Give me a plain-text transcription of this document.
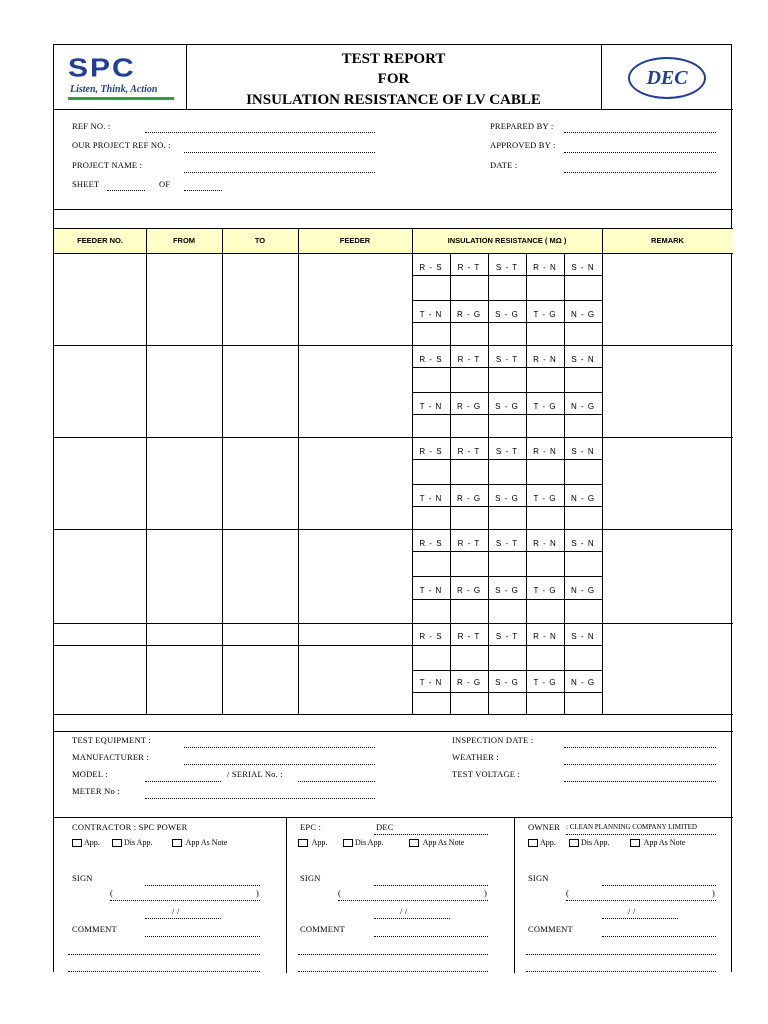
SPC
Listen, Think, Action
TEST REPORT
FOR
INSULATION RESISTANCE OF LV CABLE
DEC
REF NO. :
OUR PROJECT REF NO. :
PROJECT NAME :
SHEET	OF
PREPARED BY :
APPROVED BY :
DATE :
FEEDER NO.	FROM	TO	FEEDER	INSULATION RESISTANCE ( MΩ )	REMARK
R - S	R - T	S - T	R - N	S - N
T - N	R - G	S - G	T - G	N - G
R - S	R - T	S - T	R - N	S - N
T - N	R - G	S - G	T - G	N - G
R - S	R - T	S - T	R - N	S - N
T - N	R - G	S - G	T - G	N - G
R - S	R - T	S - T	R - N	S - N
T - N	R - G	S - G	T - G	N - G
R - S	R - T	S - T	R - N	S - N
T - N	R - G	S - G	T - G	N - G
TEST EQUIPMENT :
MANUFACTURER :
MODEL :	/ SERIAL No. :
METER No :
INSPECTION DATE :
WEATHER :
TEST VOLTAGE :
CONTRACTOR : SPC POWER
App.	Dis App.	App As Note
SIGN
(	)
/ /
COMMENT
EPC :	DEC
App.	Dis App.	App As Note
SIGN
(	)
/ /
COMMENT
OWNER : CLEAN PLANNING COMPANY LIMITED
App.	Dis App.	App As Note
SIGN
(	)
/ /
COMMENT
